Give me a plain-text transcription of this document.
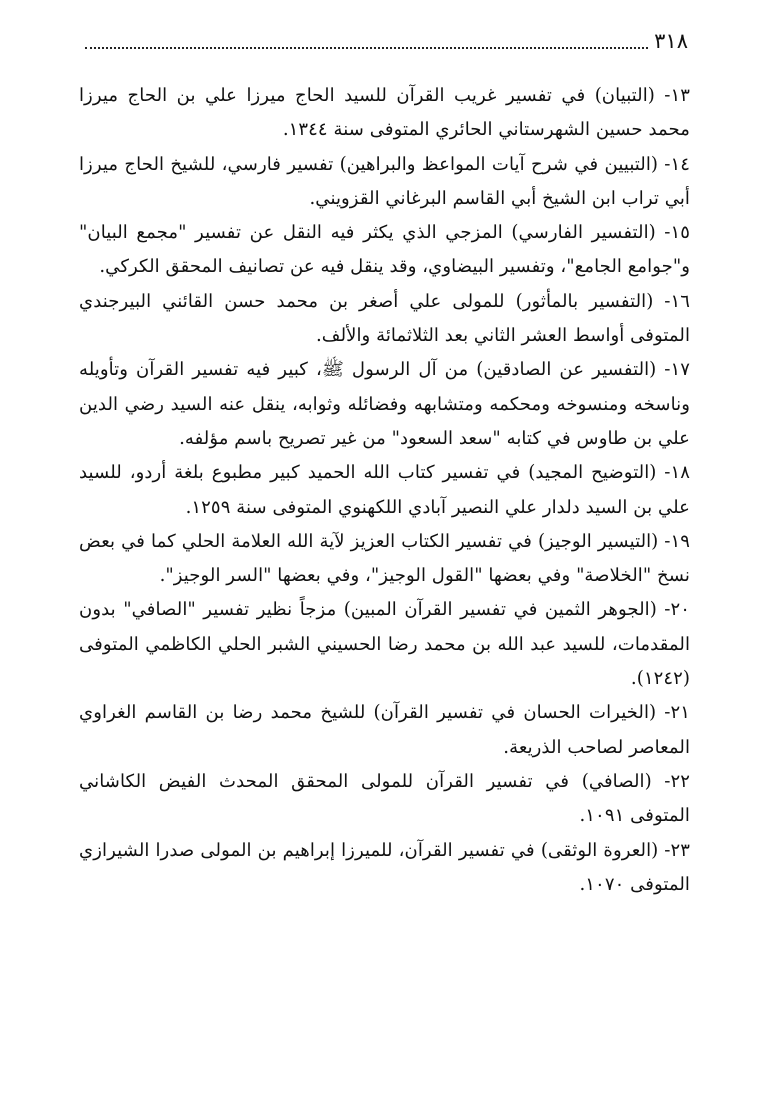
٣١٨

١٣- (التبيان) في تفسير غريب القرآن للسيد الحاج ميرزا علي بن الحاج ميرزا محمد حسين الشهرستاني الحائري المتوفى سنة ١٣٤٤.

١٤- (التبيين في شرح آيات المواعظ والبراهين) تفسير فارسي، للشيخ الحاج ميرزا أبي تراب ابن الشيخ أبي القاسم البرغاني القزويني.

١٥- (التفسير الفارسي) المزجي الذي يكثر فيه النقل عن تفسير "مجمع البيان" و"جوامع الجامع"، وتفسير البيضاوي، وقد ينقل فيه عن تصانيف المحقق الكركي.

١٦- (التفسير بالمأثور) للمولى علي أصغر بن محمد حسن القائني البيرجندي المتوفى أواسط العشر الثاني بعد الثلاثمائة والألف.

١٧- (التفسير عن الصادقين) من آل الرسول ﷺ، كبير فيه تفسير القرآن وتأويله وناسخه ومنسوخه ومحكمه ومتشابهه وفضائله وثوابه، ينقل عنه السيد رضي الدين علي بن طاوس في كتابه "سعد السعود" من غير تصريح باسم مؤلفه.

١٨- (التوضيح المجيد) في تفسير كتاب الله الحميد كبير مطبوع بلغة أردو، للسيد علي بن السيد دلدار علي النصير آبادي اللكهنوي المتوفى سنة ١٢٥٩.

١٩- (التيسير الوجيز) في تفسير الكتاب العزيز لآية الله العلامة الحلي كما في بعض نسخ "الخلاصة" وفي بعضها "القول الوجيز"، وفي بعضها "السر الوجيز".

٢٠- (الجوهر الثمين في تفسير القرآن المبين) مزجاً نظير تفسير "الصافي" بدون المقدمات، للسيد عبد الله بن محمد رضا الحسيني الشبر الحلي الكاظمي المتوفى (١٢٤٢).

٢١- (الخيرات الحسان في تفسير القرآن) للشيخ محمد رضا بن القاسم الغراوي المعاصر لصاحب الذريعة.

٢٢- (الصافي) في تفسير القرآن للمولى المحقق المحدث الفيض الكاشاني المتوفى ١٠٩١.

٢٣- (العروة الوثقى) في تفسير القرآن، للميرزا إبراهيم بن المولى صدرا الشيرازي المتوفى ١٠٧٠.
